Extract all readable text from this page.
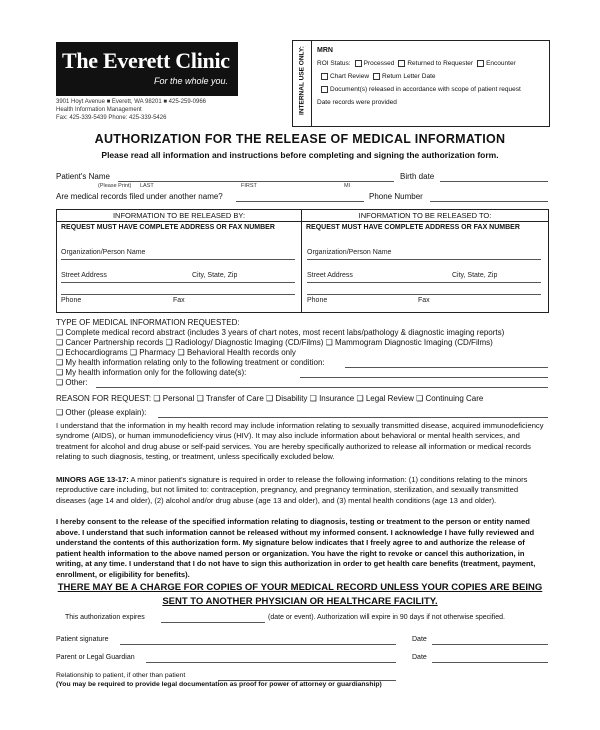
The Everett Clinic
For the whole you.
3901 Hoyt Avenue ■ Everett, WA 98201 ■ 425-259-0966
Health Information Management
Fax: 425-339-5439 Phone: 425-339-5426
INTERNAL USE ONLY: MRN
ROI Status: Processed Returned to Requester Encounter
Chart Review Return Letter Date
Document(s) released in accordance with scope of patient request
Date records were provided
AUTHORIZATION FOR THE RELEASE OF MEDICAL INFORMATION
Please read all information and instructions before completing and signing the authorization form.
Patient's Name	Birth date
(Please Print) LAST	FIRST	MI
Are medical records filed under another name?	Phone Number
INFORMATION TO BE RELEASED BY:
REQUEST MUST HAVE COMPLETE ADDRESS OR FAX NUMBER
Organization/Person Name
Street Address	City, State, Zip
Phone	Fax
INFORMATION TO BE RELEASED TO:
REQUEST MUST HAVE COMPLETE ADDRESS OR FAX NUMBER
Organization/Person Name
Street Address	City, State, Zip
Phone	Fax
TYPE OF MEDICAL INFORMATION REQUESTED:
❑ Complete medical record abstract (includes 3 years of chart notes, most recent labs/pathology & diagnostic imaging reports)
❑ Cancer Partnership records ❑ Radiology/ Diagnostic Imaging (CD/Films) ❑ Mammogram Diagnostic Imaging (CD/Films)
❑ Echocardiograms ❑ Pharmacy ❑ Behavioral Health records only
❑ My health information relating only to the following treatment or condition:
❑ My health information only for the following date(s):
❑ Other:
REASON FOR REQUEST: ❑ Personal ❑ Transfer of Care ❑ Disability ❑ Insurance ❑ Legal Review ❑ Continuing Care
❑ Other (please explain):
I understand that the information in my health record may include information relating to sexually transmitted disease, acquired immunodeficiency syndrome (AIDS), or human immunodeficiency virus (HIV). It may also include information about behavioral or mental health services, and treatment for alcohol and drug abuse or self-paid services. You are hereby specifically authorized to release all information or medical records relating to such diagnosis, testing, or treatment, unless specifically excluded below.
MINORS AGE 13-17: A minor patient's signature is required in order to release the following information: (1) conditions relating to the minors reproductive care including, but not limited to: contraception, pregnancy, and pregnancy termination, sterilization, and sexually transmitted diseases (age 14 and older), (2) alcohol and/or drug abuse (age 13 and older), and (3) mental health conditions (age 13 and older).
I hereby consent to the release of the specified information relating to diagnosis, testing or treatment to the person or entity named above. I understand that such information cannot be released without my informed consent. I acknowledge I have fully reviewed and understand the contents of this authorization form. My signature below indicates that I freely agree to and authorize the release of patient health information to the above named person or organization. You have the right to revoke or cancel this authorization, in writing, at any time. I understand that I do not have to sign this authorization in order to get health care benefits (treatment, payment, enrollment, or eligibility for benefits).
THERE MAY BE A CHARGE FOR COPIES OF YOUR MEDICAL RECORD UNLESS YOUR COPIES ARE BEING
SENT TO ANOTHER PHYSICIAN OR HEALTHCARE FACILITY.
This authorization expires	(date or event). Authorization will expire in 90 days if not otherwise specified.
Patient signature	Date
Parent or Legal Guardian	Date
Relationship to patient, if other than patient
(You may be required to provide legal documentation as proof for power of attorney or guardianship)
